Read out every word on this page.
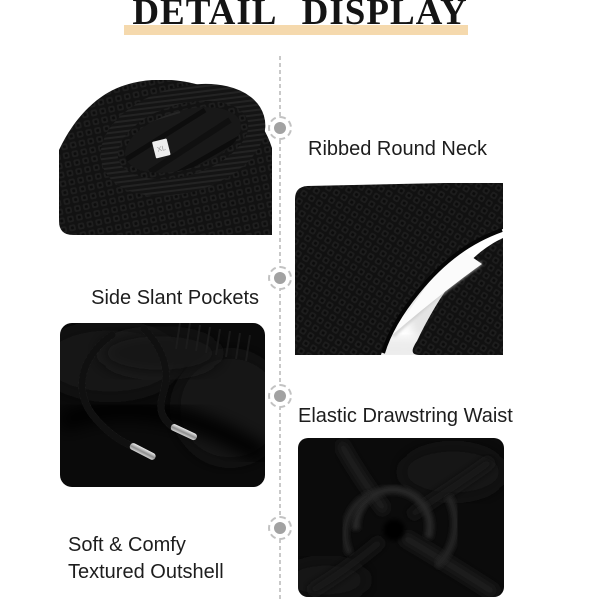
DETAIL DISPLAY

Ribbed Round Neck

Side Slant Pockets

Elastic Drawstring Waist

Soft & Comfy
Textured Outshell

XL
